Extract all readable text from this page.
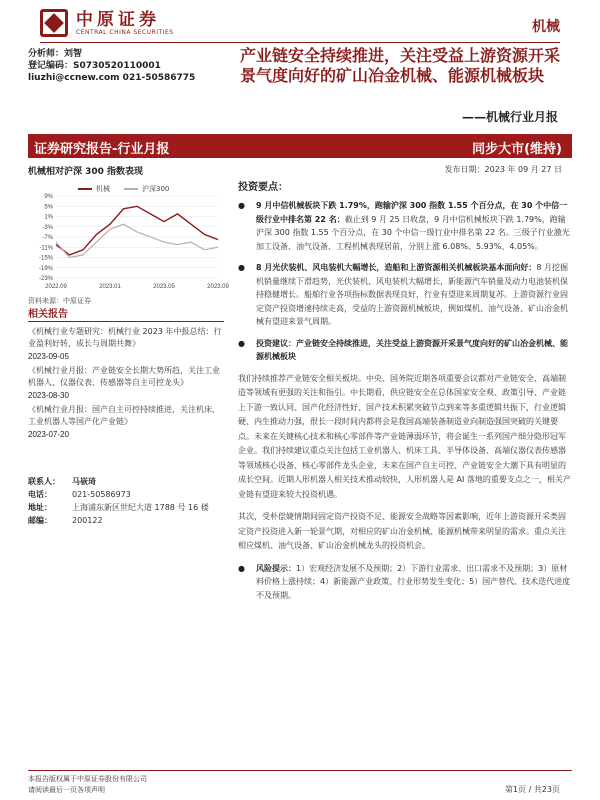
中原证券
CENTRAL CHINA SECURITIES	机械
分析师：刘智
登记编码：S0730520110001
liuzhi@ccnew.com 021-50586775
产业链安全持续推进，关注受益上游资源开采景气度向好的矿山冶金机械、能源机械板块
——机械行业月报
证券研究报告-行业月报	同步大市(维持)
发布日期：2023 年 09 月 27 日
机械相对沪深 300 指数表现
机械	沪深300
9%
5%
1%
-3%
-7%
-11%
-15%
-19%
-23%
2022.09	2023.01	2023.05	2023.09
资料来源：中原证券
相关报告
《机械行业专题研究：机械行业 2023 年中报总结：行业盈利好转，成长与周期共舞》
2023-09-05
《机械行业月报：产业链安全长期大势所趋，关注工业机器人、仪器仪表、传感器等自主可控龙头》
2023-08-30
《机械行业月报：国产自主可控持续推进，关注机床、工业机器人等国产化产业链》
2023-07-20
联系人：	马嵚琦
电话：	021-50586973
地址：	上海浦东新区世纪大道 1788 号 16 楼
邮编：	200122
投资要点：
● 9 月中信机械板块下跌 1.79%，跑输沪深 300 指数 1.55 个百分点，在 30 个中信一级行业中排名第 22 名：截止到 9 月 25 日收盘，9 月中信机械板块下跌 1.79%，跑输沪深 300 指数 1.55 个百分点，在 30 个中信一级行业中排名第 22 名。三级子行业激光加工设备、油气设备、工程机械表现居前，分别上涨 6.08%、5.93%、4.05%。
● 8 月光伏装机、风电装机大幅增长，造船和上游资源相关机械板块基本面向好：8 月挖掘机销量继续下滑趋势，光伏装机、风电装机大幅增长，新能源汽车销量及动力电池装机保持稳健增长。船舶行业各项指标数据表现良好，行业有望迎来周期复苏。上游资源行业固定资产投资增速持续走高，受益的上游资源机械板块，例如煤机、油气设备、矿山冶金机械有望迎来景气周期。
● 投资建议：产业链安全持续推进，关注受益上游资源开采景气度向好的矿山冶金机械、能源机械板块
我们持续推荐产业链安全相关板块。中央、国务院近期各项重要会议都对产业链安全、高端制造等领域有更强的关注和指引。中长期看，供应链安全在总体国家安全观、政策引导、产业链上下游一致认同、国产化经济性好、国产技术积累突破节点到来等多重逻辑共振下，行业逻辑硬、内生推动力强，很长一段时间内都将会是我国高端装备制造业向制造强国突破的关键要点。未来在关键核心技术和核心零部件等产业链薄弱环节，将会诞生一系列国产细分隐形冠军企业。我们持续建议重点关注包括工业机器人、机床工具、半导体设备、高端仪器仪表传感器等领域核心设备、核心零部件龙头企业，未来在国产自主可控、产业链安全大潮下具有明显的成长空间。近期人形机器人相关技术推动较快，人形机器人是 AI 落地的重要支点之一，相关产业链有望迎来较大投资机遇。
其次，受朴偿婕情期间固定资产投资不足、能源安全战略等因素影响，近年上游资源开采类固定资产投资进入新一轮景气期，对相应的矿山冶金机械、能源机械带来明显的需求。重点关注相应煤机、油气设备、矿山冶金机械龙头的投资机会。
● 风险提示：1）宏观经济发展不及预期；2）下游行业需求、出口需求不及预期；3）原材料价格上涨持续；4）新能源产业政策、行业形势发生变化；5）国产替代、技术迭代进度不及预期。
本报告版权属于中原证券股份有限公司
请阅读最后一页各项声明	第1页 / 共23页
